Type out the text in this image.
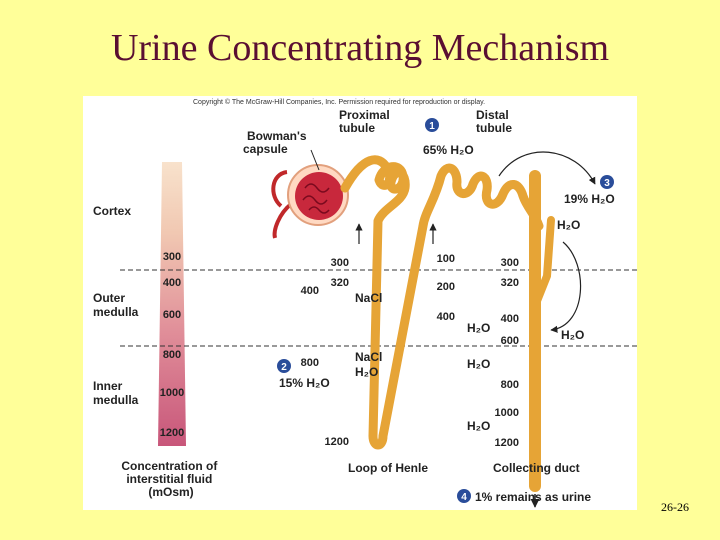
Urine Concentrating Mechanism
Copyright © The McGraw-Hill Companies, Inc. Permission required for reproduction or display.
300
400
600
800
1000
1200
Concentration of interstitial fluid (mOsm)
Cortex
Outer medulla
Inner medulla
Bowman's capsule
Proximal tubule
Distal tubule
Loop of Henle	Collecting duct
1
65% H₂O
2
15% H₂O
3
19% H₂O
4 1% remains as urine
300
320
400
800
1200
NaCl
NaCl
H₂O
100
200
400
300
320
400
600
800
1000
1200
H₂O
H₂O
H₂O
H₂O
H₂O
26-26
